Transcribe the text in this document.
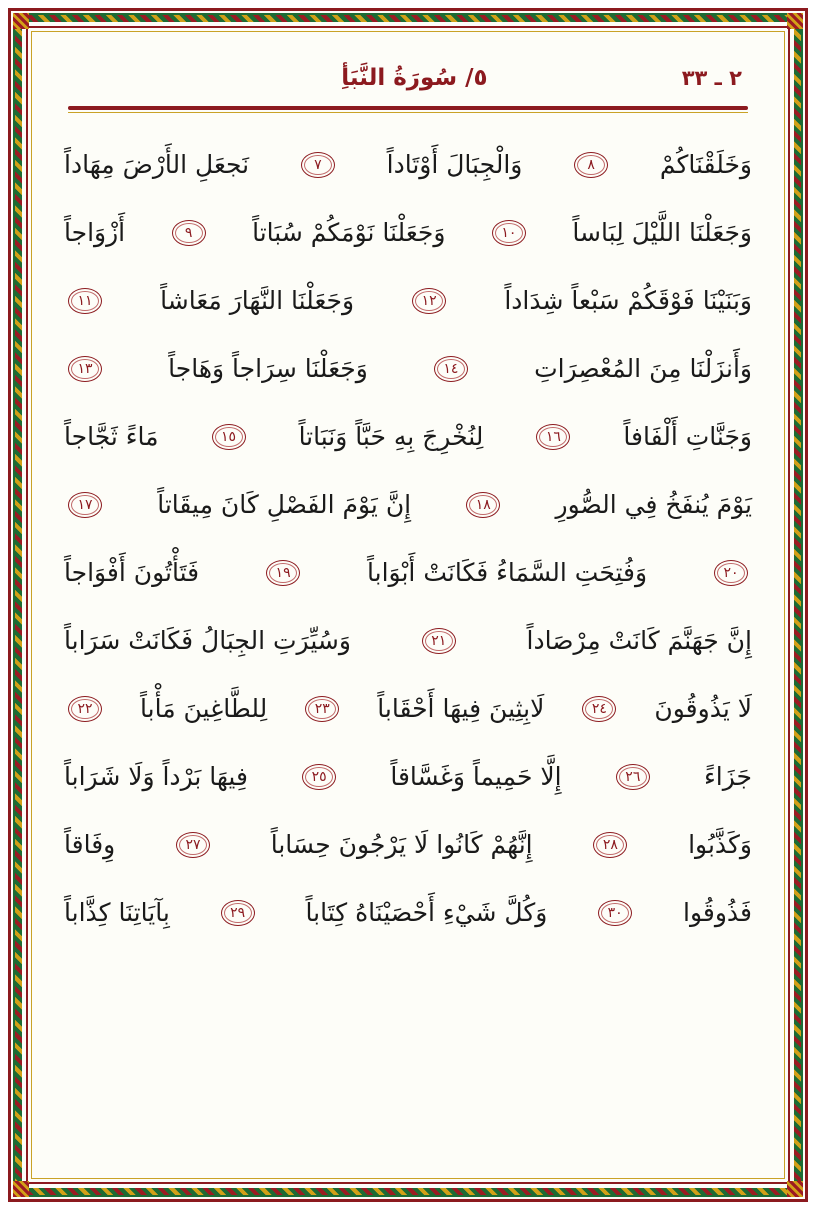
٢ ـ ٣٣
٥/ سُورَةُ النَّبَأِ
وَخَلَقْنَاكُمْ
٨
وَالْجِبَالَ أَوْتَاداً
٧
نَجعَلِ الأَرْضَ مِهَاداً
وَجَعَلْنَا اللَّيْلَ لِبَاساً
١٠
وَجَعَلْنَا نَوْمَكُمْ سُبَاتاً
٩
أَزْوَاجاً
وَبَنَيْنَا فَوْقَكُمْ سَبْعاً شِدَاداً
١٢
وَجَعَلْنَا النَّهَارَ مَعَاشاً
١١
وَأَنزَلْنَا مِنَ المُعْصِرَاتِ
١٤
وَجَعَلْنَا سِرَاجاً وَهَاجاً
١٣
وَجَنَّاتِ أَلْفَافاً
١٦
لِنُخْرِجَ بِهِ حَبَّاً وَنَبَاتاً
١٥
مَاءً ثَجَّاجاً
يَوْمَ يُنفَخُ فِي الصُّورِ
١٨
إِنَّ يَوْمَ الفَصْلِ كَانَ مِيقَاتاً
١٧
٢٠
وَفُتِحَتِ السَّمَاءُ فَكَانَتْ أَبْوَاباً
١٩
فَتَأْتُونَ أَفْوَاجاً
إِنَّ جَهَنَّمَ كَانَتْ مِرْصَاداً
٢١
وَسُيِّرَتِ الجِبَالُ فَكَانَتْ سَرَاباً
لَا يَذُوقُونَ
٢٤
لَابِثِينَ فِيهَا أَحْقَاباً
٢٣
لِلطَّاغِينَ مَأْباً
٢٢
جَزَاءً
٢٦
إِلَّا حَمِيماً وَغَسَّاقاً
٢٥
فِيهَا بَرْداً وَلَا شَرَاباً
وَكَذَّبُوا
٢٨
إِنَّهُمْ كَانُوا لَا يَرْجُونَ حِسَاباً
٢٧
وِفَاقاً
فَذُوقُوا
٣٠
وَكُلَّ شَيْءِ أَحْصَيْنَاهُ كِتَاباً
٢٩
بِآيَاتِنَا كِذَّاباً
